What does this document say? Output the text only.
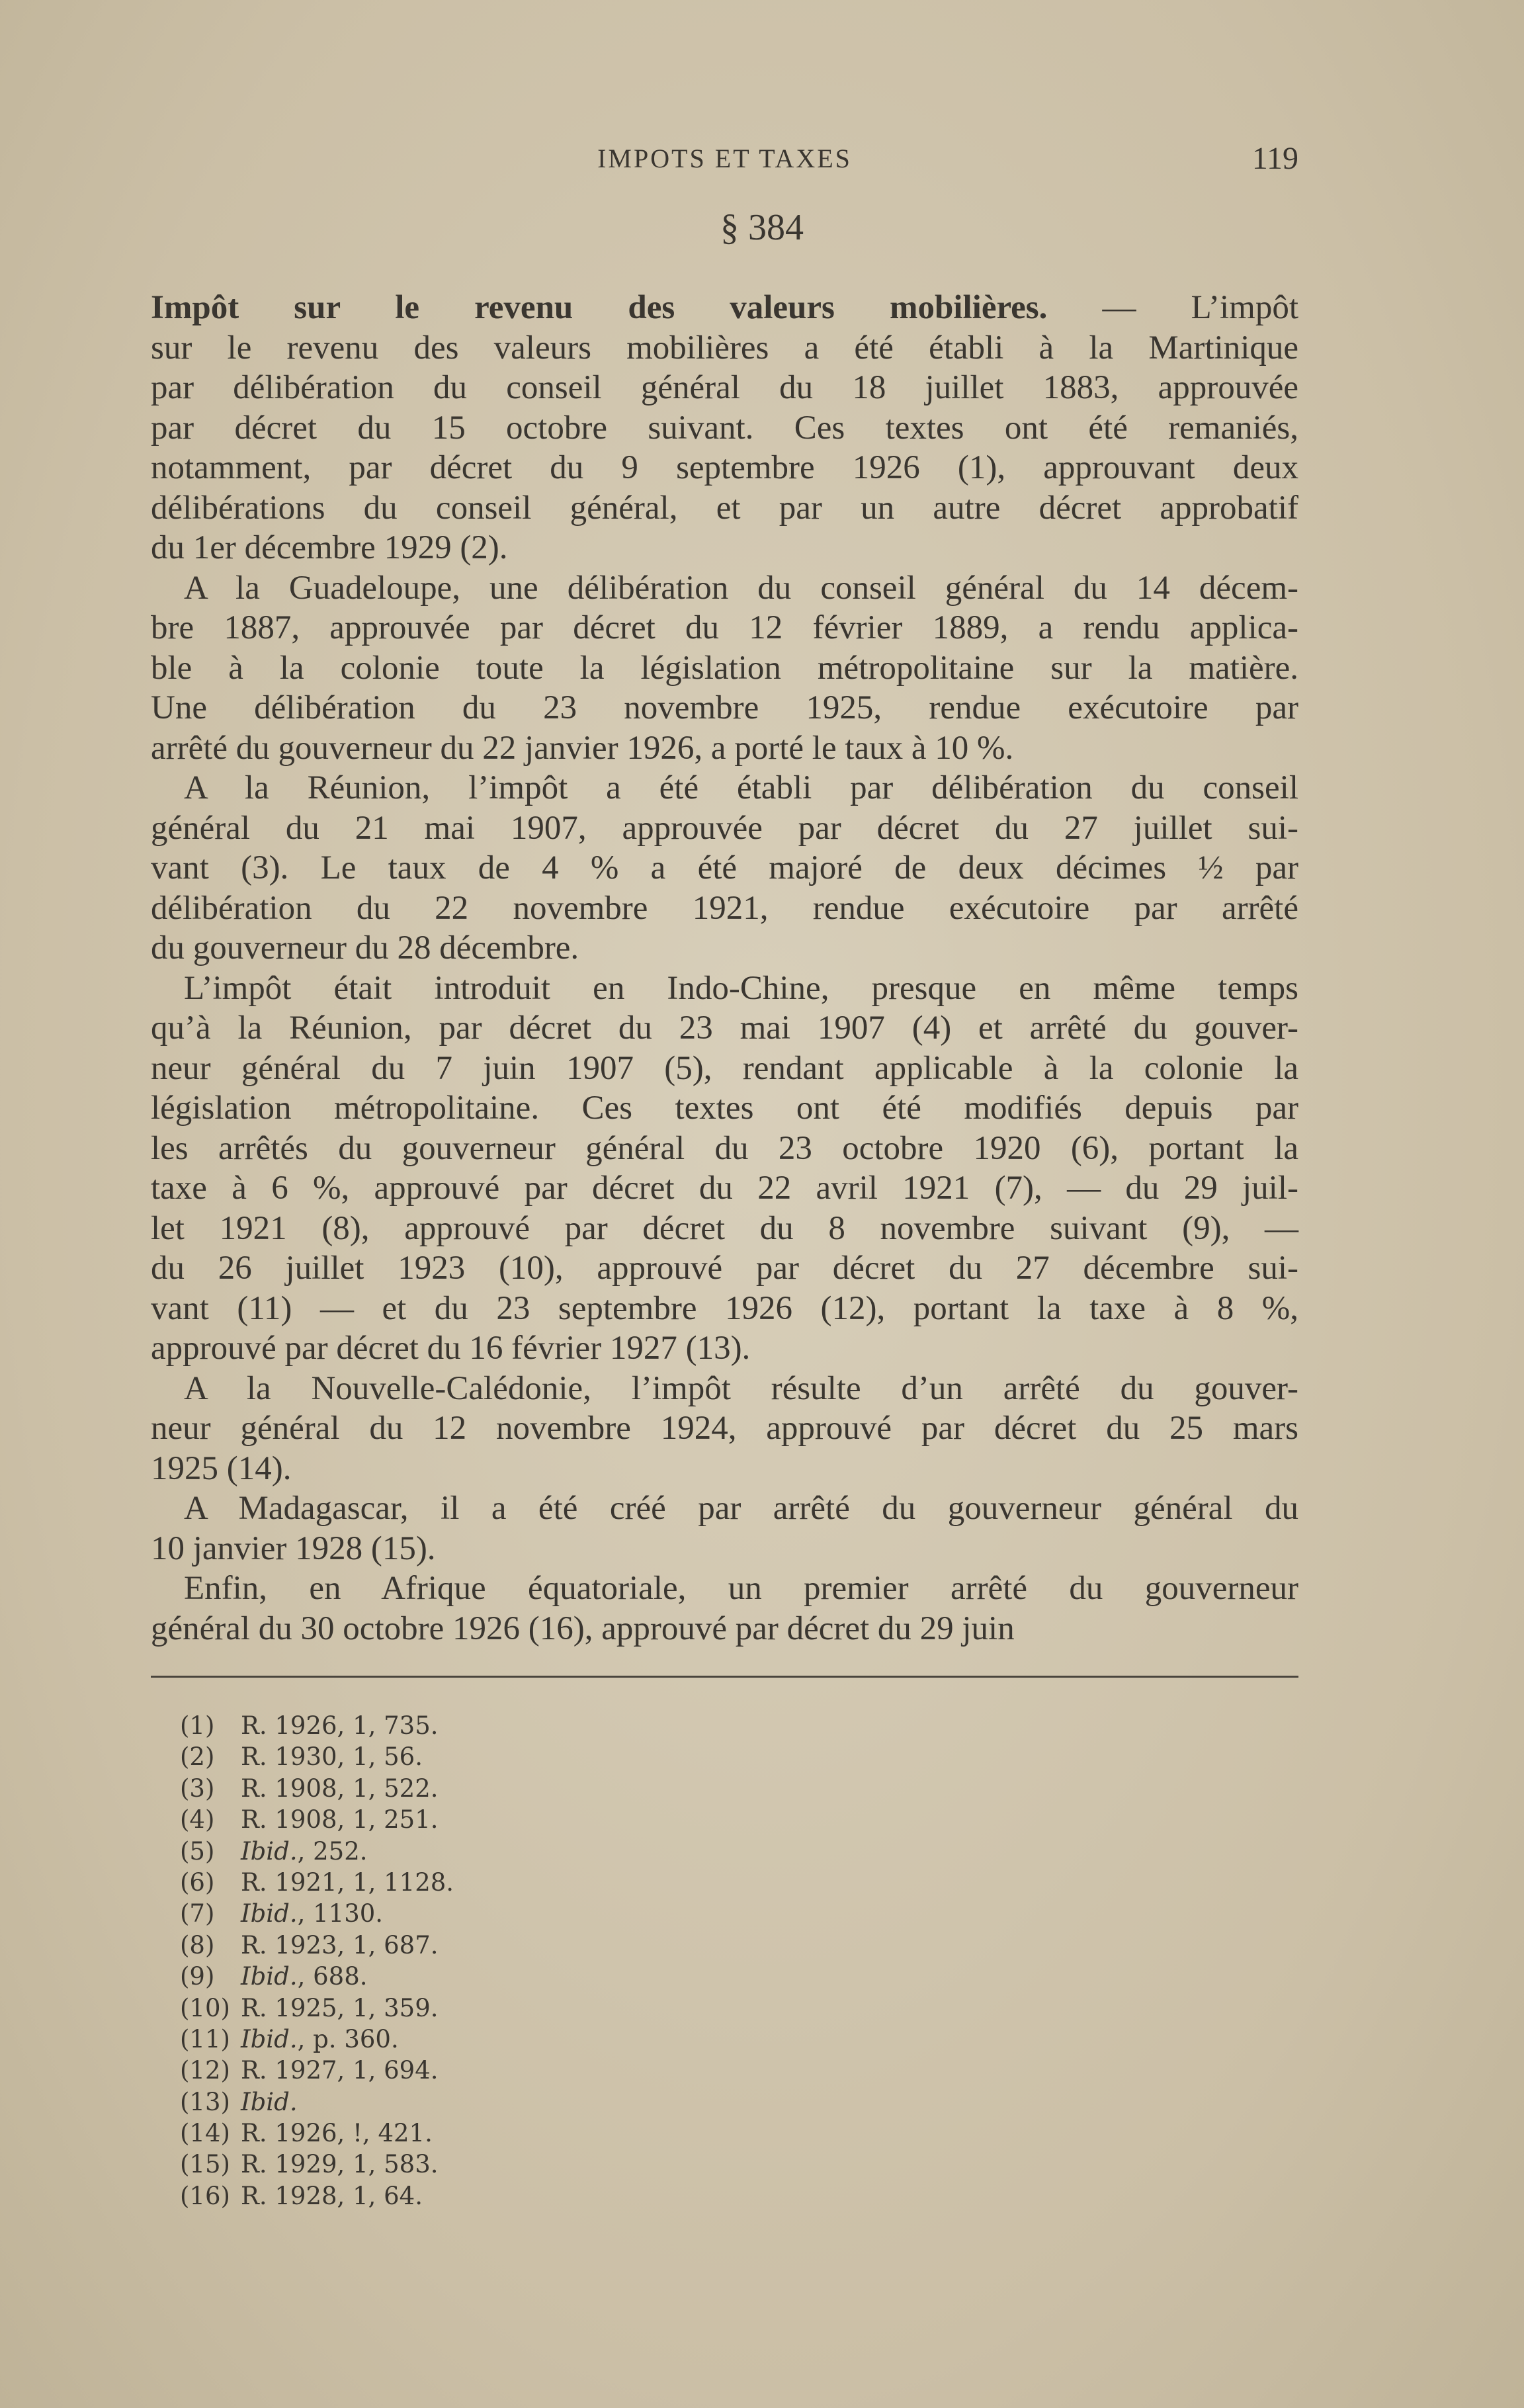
IMPOTS ET TAXES	119
§ 384
Impôt sur le revenu des valeurs mobilières. — L’impôt
sur le revenu des valeurs mobilières a été établi à la Martinique
par délibération du conseil général du 18 juillet 1883, approuvée
par décret du 15 octobre suivant. Ces textes ont été remaniés,
notamment, par décret du 9 septembre 1926 (1), approuvant deux
délibérations du conseil général, et par un autre décret approbatif
du 1er décembre 1929 (2).
A la Guadeloupe, une délibération du conseil général du 14 décem-
bre 1887, approuvée par décret du 12 février 1889, a rendu applica-
ble à la colonie toute la législation métropolitaine sur la matière.
Une délibération du 23 novembre 1925, rendue exécutoire par
arrêté du gouverneur du 22 janvier 1926, a porté le taux à 10 %.
A la Réunion, l’impôt a été établi par délibération du conseil
général du 21 mai 1907, approuvée par décret du 27 juillet sui-
vant (3). Le taux de 4 % a été majoré de deux décimes ½ par
délibération du 22 novembre 1921, rendue exécutoire par arrêté
du gouverneur du 28 décembre.
L’impôt était introduit en Indo-Chine, presque en même temps
qu’à la Réunion, par décret du 23 mai 1907 (4) et arrêté du gouver-
neur général du 7 juin 1907 (5), rendant applicable à la colonie la
législation métropolitaine. Ces textes ont été modifiés depuis par
les arrêtés du gouverneur général du 23 octobre 1920 (6), portant la
taxe à 6 %, approuvé par décret du 22 avril 1921 (7), — du 29 juil-
let 1921 (8), approuvé par décret du 8 novembre suivant (9), —
du 26 juillet 1923 (10), approuvé par décret du 27 décembre sui-
vant (11) — et du 23 septembre 1926 (12), portant la taxe à 8 %,
approuvé par décret du 16 février 1927 (13).
A la Nouvelle-Calédonie, l’impôt résulte d’un arrêté du gouver-
neur général du 12 novembre 1924, approuvé par décret du 25 mars
1925 (14).
A Madagascar, il a été créé par arrêté du gouverneur général du
10 janvier 1928 (15).
Enfin, en Afrique équatoriale, un premier arrêté du gouverneur
général du 30 octobre 1926 (16), approuvé par décret du 29 juin
(1) R. 1926, 1, 735.
(2) R. 1930, 1, 56.
(3) R. 1908, 1, 522.
(4) R. 1908, 1, 251.
(5) Ibid., 252.
(6) R. 1921, 1, 1128.
(7) Ibid., 1130.
(8) R. 1923, 1, 687.
(9) Ibid., 688.
(10) R. 1925, 1, 359.
(11) Ibid., p. 360.
(12) R. 1927, 1, 694.
(13) Ibid.
(14) R. 1926, !, 421.
(15) R. 1929, 1, 583.
(16) R. 1928, 1, 64.
